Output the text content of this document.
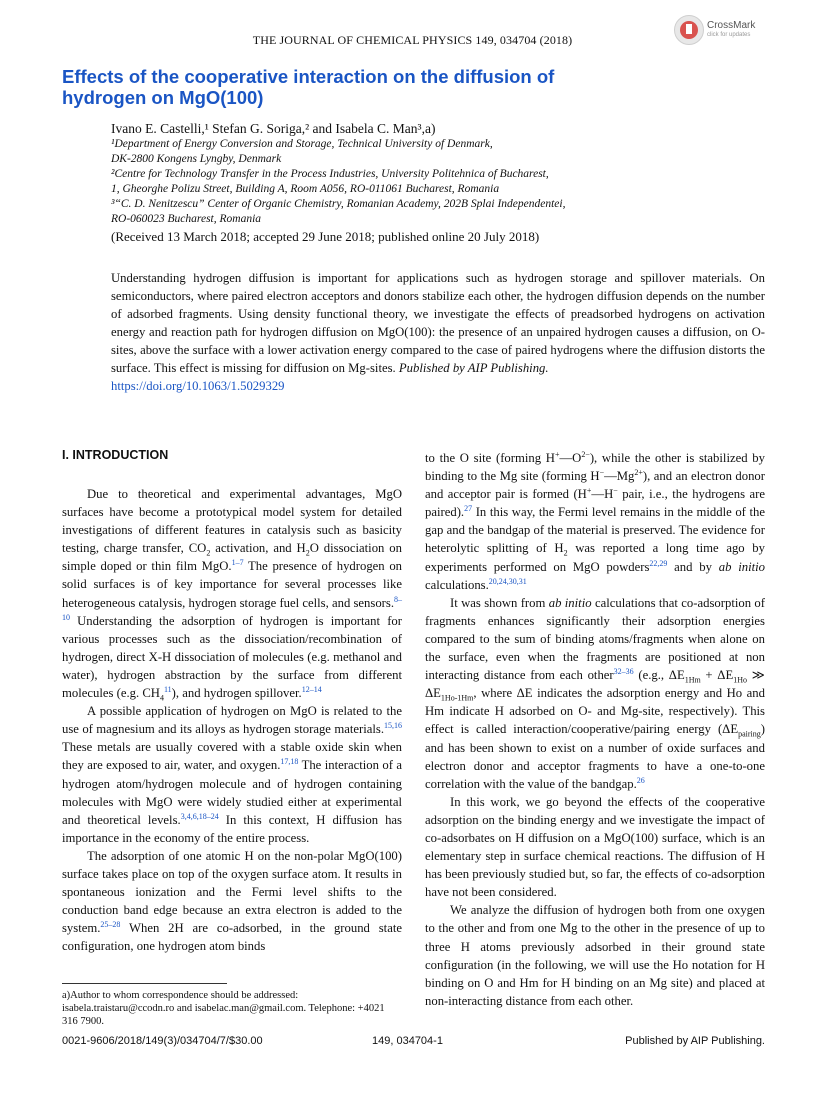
THE JOURNAL OF CHEMICAL PHYSICS 149, 034704 (2018)
CrossMark
click for updates
Effects of the cooperative interaction on the diffusion of hydrogen on MgO(100)
Ivano E. Castelli,¹ Stefan G. Soriga,² and Isabela C. Man³,a)
¹Department of Energy Conversion and Storage, Technical University of Denmark,
DK-2800 Kongens Lyngby, Denmark
²Centre for Technology Transfer in the Process Industries, University Politehnica of Bucharest,
1, Gheorghe Polizu Street, Building A, Room A056, RO-011061 Bucharest, Romania
³“C. D. Nenitzescu” Center of Organic Chemistry, Romanian Academy, 202B Splai Independentei,
RO-060023 Bucharest, Romania
(Received 13 March 2018; accepted 29 June 2018; published online 20 July 2018)
Understanding hydrogen diffusion is important for applications such as hydrogen storage and spillover materials. On semiconductors, where paired electron acceptors and donors stabilize each other, the hydrogen diffusion depends on the number of adsorbed fragments. Using density functional theory, we investigate the effects of preadsorbed hydrogens on activation energy and reaction path for hydrogen diffusion on MgO(100): the presence of an unpaired hydrogen causes a diffusion, on O-sites, above the surface with a lower activation energy compared to the case of paired hydrogens where the diffusion distorts the surface. This effect is missing for diffusion on Mg-sites. Published by AIP Publishing.
https://doi.org/10.1063/1.5029329
I. INTRODUCTION

Due to theoretical and experimental advantages, MgO surfaces have become a prototypical model system for detailed investigations of different features in catalysis such as basicity testing, charge transfer, $CO_2$ activation, and $H_2O$ dissociation on simple doped or thin film MgO.$^{1-7}$ The presence of hydrogen on solid surfaces is of key importance for several processes like heterogeneous catalysis, hydrogen storage fuel cells, and sensors.$^{8-10}$ Understanding the adsorption of hydrogen is important for various processes such as the dissociation/recombination of hydrogen, direct X-H dissociation of molecules (e.g. methanol and water), hydrogen abstraction by the surface from different molecules (e.g. $CH_4^{11}$), and hydrogen spillover.$^{12-14}$

A possible application of hydrogen on MgO is related to the use of magnesium and its alloys as hydrogen storage materials.$^{15,16}$ These metals are usually covered with a stable oxide skin when they are exposed to air, water, and oxygen.$^{17,18}$ The interaction of a hydrogen atom/hydrogen molecule and of hydrogen containing molecules with MgO were widely studied either at experimental and theoretical levels.$^{3,4,6,18-24}$ In this context, H diffusion has importance in the economy of the entire process.

The adsorption of one atomic H on the non-polar MgO(100) surface takes place on top of the oxygen surface atom. It results in spontaneous ionization and the Fermi level shifts to the conduction band edge because an extra electron is added to the system.$^{25-28}$ When 2H are co-adsorbed, in the ground state configuration, one hydrogen atom binds

to the O site (forming $H^+—O^{2-}$), while the other is stabilized by binding to the Mg site (forming $H^-—Mg^{2+}$), and an electron donor and acceptor pair is formed (H+—H− pair, i.e., the hydrogens are paired).$^{27}$ In this way, the Fermi level remains in the middle of the gap and the bandgap of the material is preserved. The evidence for heterolytic splitting of $H_2$ was reported a long time ago by experiments performed on MgO powders$^{22,29}$ and by ab initio calculations.$^{20,24,30,31}$

It was shown from ab initio calculations that co-adsorption of fragments enhances significantly their adsorption energies compared to the sum of binding atoms/fragments when alone on the surface, even when the fragments are positioned at non interacting distance from each other$^{32-36}$ (e.g., $\Delta E_{1Hm} + \Delta E_{1Ho}$ ≫ $\Delta E_{1Ho-1Hm}$, where ΔE indicates the adsorption energy and Ho and Hm indicate H adsorbed on O- and Mg-site, respectively). This effect is called interaction/cooperative/pairing energy $(\Delta E_{pairing})$ and has been shown to exist on a number of oxide surfaces and electron donor and acceptor fragments to have a one-to-one correlation with the value of the bandgap.$^{26}$

In this work, we go beyond the effects of the cooperative adsorption on the binding energy and we investigate the impact of co-adsorbates on H diffusion on a MgO(100) surface, which is an elementary step in surface chemical reactions. The diffusion of H has been previously studied but, so far, the effects of co-adsorption have not been considered.

We analyze the diffusion of hydrogen both from one oxygen to the other and from one Mg to the other in the presence of up to three H atoms previously adsorbed in their ground state configuration (in the following, we will use the Ho notation for H binding on O and Hm for H binding on an Mg site) and placed at non-interacting distance from each other.

a)Author to whom correspondence should be addressed: isabela.traistaru@ccodn.ro and isabelac.man@gmail.com. Telephone: +4021 316 7900.
0021-9606/2018/149(3)/034704/7/$30.00	149, 034704-1	Published by AIP Publishing.
